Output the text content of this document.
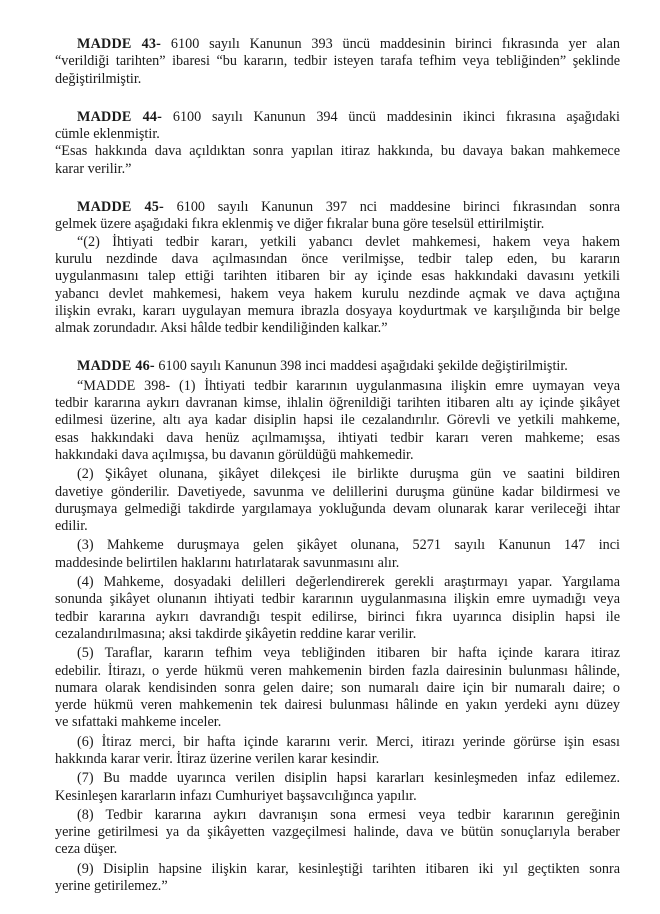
MADDE 43- 6100 sayılı Kanunun 393 üncü maddesinin birinci fıkrasında yer alan
“verildiği tarihten” ibaresi “bu kararın, tedbir isteyen tarafa tefhim veya tebliğinden” şeklinde
değiştirilmiştir.
MADDE 44- 6100 sayılı Kanunun 394 üncü maddesinin ikinci fıkrasına aşağıdaki
cümle eklenmiştir.
“Esas hakkında dava açıldıktan sonra yapılan itiraz hakkında, bu davaya bakan mahkemece
karar verilir.”
MADDE 45- 6100 sayılı Kanunun 397 nci maddesine birinci fıkrasından sonra
gelmek üzere aşağıdaki fıkra eklenmiş ve diğer fıkralar buna göre teselsül ettirilmiştir.
“(2) İhtiyati tedbir kararı, yetkili yabancı devlet mahkemesi, hakem veya hakem
kurulu nezdinde dava açılmasından önce verilmişse, tedbir talep eden, bu kararın
uygulanmasını talep ettiği tarihten itibaren bir ay içinde esas hakkındaki davasını yetkili
yabancı devlet mahkemesi, hakem veya hakem kurulu nezdinde açmak ve dava açtığına
ilişkin evrakı, kararı uygulayan memura ibrazla dosyaya koydurtmak ve karşılığında bir belge
almak zorundadır. Aksi hâlde tedbir kendiliğinden kalkar.”
MADDE 46- 6100 sayılı Kanunun 398 inci maddesi aşağıdaki şekilde değiştirilmiştir.
“MADDE 398- (1) İhtiyati tedbir kararının uygulanmasına ilişkin emre uymayan veya
tedbir kararına aykırı davranan kimse, ihlalin öğrenildiği tarihten itibaren altı ay içinde şikâyet
edilmesi üzerine, altı aya kadar disiplin hapsi ile cezalandırılır. Görevli ve yetkili mahkeme,
esas hakkındaki dava henüz açılmamışsa, ihtiyati tedbir kararı veren mahkeme; esas
hakkındaki dava açılmışsa, bu davanın görüldüğü mahkemedir.
(2) Şikâyet olunana, şikâyet dilekçesi ile birlikte duruşma gün ve saatini bildiren
davetiye gönderilir. Davetiyede, savunma ve delillerini duruşma gününe kadar bildirmesi ve
duruşmaya gelmediği takdirde yargılamaya yokluğunda devam olunarak karar verileceği ihtar
edilir.
(3) Mahkeme duruşmaya gelen şikâyet olunana, 5271 sayılı Kanunun 147 inci
maddesinde belirtilen haklarını hatırlatarak savunmasını alır.
(4) Mahkeme, dosyadaki delilleri değerlendirerek gerekli araştırmayı yapar. Yargılama
sonunda şikâyet olunanın ihtiyati tedbir kararının uygulanmasına ilişkin emre uymadığı veya
tedbir kararına aykırı davrandığı tespit edilirse, birinci fıkra uyarınca disiplin hapsi ile
cezalandırılmasına; aksi takdirde şikâyetin reddine karar verilir.
(5) Taraflar, kararın tefhim veya tebliğinden itibaren bir hafta içinde karara itiraz
edebilir. İtirazı, o yerde hükmü veren mahkemenin birden fazla dairesinin bulunması hâlinde,
numara olarak kendisinden sonra gelen daire; son numaralı daire için bir numaralı daire; o
yerde hükmü veren mahkemenin tek dairesi bulunması hâlinde en yakın yerdeki aynı düzey
ve sıfattaki mahkeme inceler.
(6) İtiraz merci, bir hafta içinde kararını verir. Merci, itirazı yerinde görürse işin esası
hakkında karar verir. İtiraz üzerine verilen karar kesindir.
(7) Bu madde uyarınca verilen disiplin hapsi kararları kesinleşmeden infaz edilemez.
Kesinleşen kararların infazı Cumhuriyet başsavcılığınca yapılır.
(8) Tedbir kararına aykırı davranışın sona ermesi veya tedbir kararının gereğinin
yerine getirilmesi ya da şikâyetten vazgeçilmesi halinde, dava ve bütün sonuçlarıyla beraber
ceza düşer.
(9) Disiplin hapsine ilişkin karar, kesinleştiği tarihten itibaren iki yıl geçtikten sonra
yerine getirilemez.”
